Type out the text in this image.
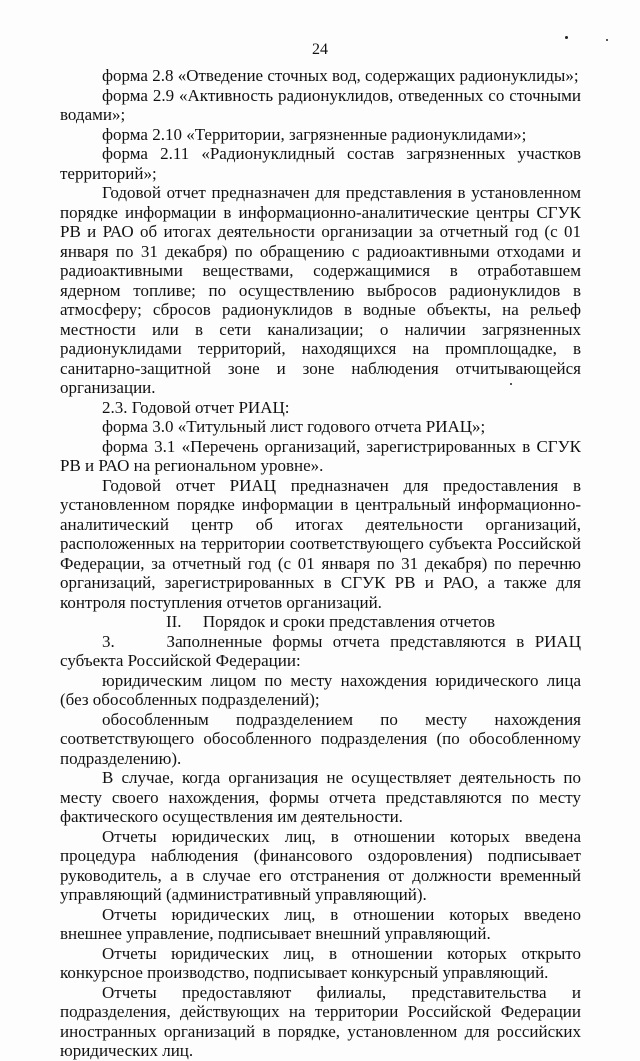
24

форма 2.8 «Отведение сточных вод, содержащих радионуклиды»;

форма 2.9 «Активность радионуклидов, отведенных со сточными водами»;

форма 2.10 «Территории, загрязненные радионуклидами»;

форма 2.11 «Радионуклидный состав загрязненных участков территорий»;

Годовой отчет предназначен для представления в установленном порядке информации в информационно-аналитические центры СГУК РВ и РАО об итогах деятельности организации за отчетный год (с 01 января по 31 декабря) по обращению с радиоактивными отходами и радиоактивными веществами, содержащимися в отработавшем ядерном топливе; по осуществлению выбросов радионуклидов в атмосферу; сбросов радионуклидов в водные объекты, на рельеф местности или в сети канализации; о наличии загрязненных радионуклидами территорий, находящихся на промплощадке, в санитарно-защитной зоне и зоне наблюдения отчитывающейся организации.

2.3. Годовой отчет РИАЦ:

форма 3.0 «Титульный лист годового отчета РИАЦ»;

форма 3.1 «Перечень организаций, зарегистрированных в СГУК РВ и РАО на региональном уровне».

Годовой отчет РИАЦ предназначен для предоставления в установленном порядке информации в центральный информационно-аналитический центр об итогах деятельности организаций, расположенных на территории соответствующего субъекта Российской Федерации, за отчетный год (с 01 января по 31 декабря) по перечню организаций, зарегистрированных в СГУК РВ и РАО, а также для контроля поступления отчетов организаций.

II. Порядок и сроки представления отчетов

3.     Заполненные формы отчета представляются в РИАЦ субъекта Российской Федерации:

юридическим лицом по месту нахождения юридического лица (без обособленных подразделений);

обособленным подразделением по месту нахождения соответствующего обособленного подразделения (по обособленному подразделению).

В случае, когда организация не осуществляет деятельность по месту своего нахождения, формы отчета представляются по месту фактического осуществления им деятельности.

Отчеты юридических лиц, в отношении которых введена процедура наблюдения (финансового оздоровления) подписывает руководитель, а в случае его отстранения от должности временный управляющий (административный управляющий).

Отчеты юридических лиц, в отношении которых введено внешнее управление, подписывает внешний управляющий.

Отчеты юридических лиц, в отношении которых открыто конкурсное производство, подписывает конкурсный управляющий.

Отчеты предоставляют филиалы, представительства и подразделения, действующих на территории Российской Федерации иностранных организаций в порядке, установленном для российских юридических лиц.
